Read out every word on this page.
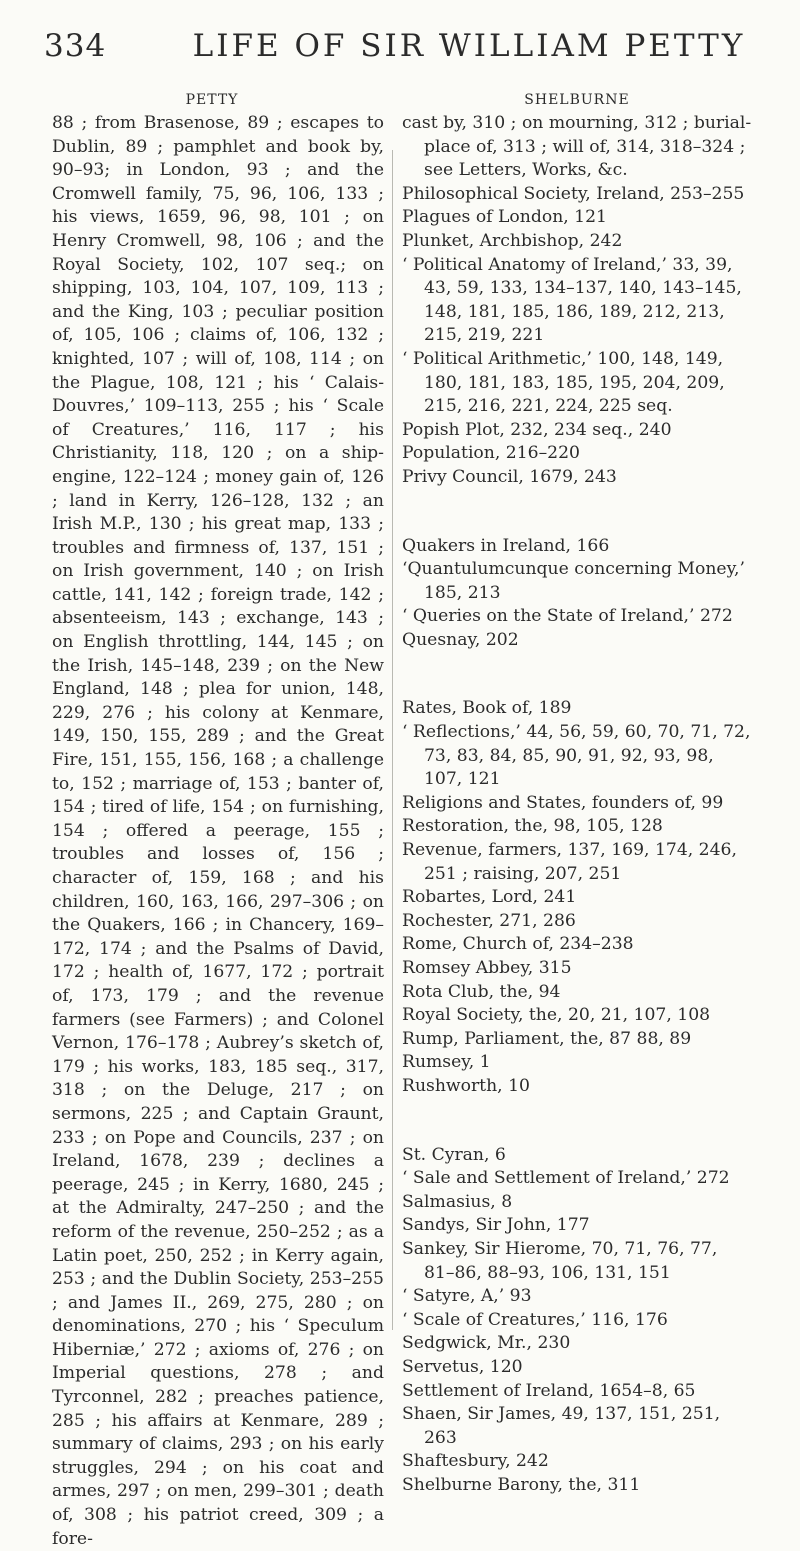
334	LIFE OF SIR WILLIAM PETTY
PETTY
88 ; from Brasenose, 89 ; escapes to Dublin, 89 ; pamphlet and book by, 90–93; in London, 93 ; and the Cromwell family, 75, 96, 106, 133 ; his views, 1659, 96, 98, 101 ; on Henry Cromwell, 98, 106 ; and the Royal Society, 102, 107 seq.; on shipping, 103, 104, 107, 109, 113 ; and the King, 103 ; peculiar position of, 105, 106 ; claims of, 106, 132 ; knighted, 107 ; will of, 108, 114 ; on the Plague, 108, 121 ; his ‘ Calais-Douvres,’ 109–113, 255 ; his ‘ Scale of Creatures,’ 116, 117 ; his Christianity, 118, 120 ; on a ship-engine, 122–124 ; money gain of, 126 ; land in Kerry, 126–128, 132 ; an Irish M.P., 130 ; his great map, 133 ; troubles and firmness of, 137, 151 ; on Irish government, 140 ; on Irish cattle, 141, 142 ; foreign trade, 142 ; absenteeism, 143 ; exchange, 143 ; on English throttling, 144, 145 ; on the Irish, 145–148, 239 ; on the New England, 148 ; plea for union, 148, 229, 276 ; his colony at Kenmare, 149, 150, 155, 289 ; and the Great Fire, 151, 155, 156, 168 ; a challenge to, 152 ; marriage of, 153 ; banter of, 154 ; tired of life, 154 ; on furnishing, 154 ; offered a peerage, 155 ; troubles and losses of, 156 ; character of, 159, 168 ; and his children, 160, 163, 166, 297–306 ; on the Quakers, 166 ; in Chancery, 169–172, 174 ; and the Psalms of David, 172 ; health of, 1677, 172 ; portrait of, 173, 179 ; and the revenue farmers (see Farmers) ; and Colonel Vernon, 176–178 ; Aubrey’s sketch of, 179 ; his works, 183, 185 seq., 317, 318 ; on the Deluge, 217 ; on sermons, 225 ; and Captain Graunt, 233 ; on Pope and Councils, 237 ; on Ireland, 1678, 239 ; declines a peerage, 245 ; in Kerry, 1680, 245 ; at the Admiralty, 247–250 ; and the reform of the revenue, 250–252 ; as a Latin poet, 250, 252 ; in Kerry again, 253 ; and the Dublin Society, 253–255 ; and James II., 269, 275, 280 ; on denominations, 270 ; his ‘ Speculum Hiberniæ,’ 272 ; axioms of, 276 ; on Imperial questions, 278 ; and Tyrconnel, 282 ; preaches patience, 285 ; his affairs at Kenmare, 289 ; summary of claims, 293 ; on his early struggles, 294 ; on his coat and armes, 297 ; on men, 299–301 ; death of, 308 ; his patriot creed, 309 ; a fore-
SHELBURNE
cast by, 310 ; on mourning, 312 ; burial-place of, 313 ; will of, 314, 318–324 ; see Letters, Works, &c.
Philosophical Society, Ireland, 253–255
Plagues of London, 121
Plunket, Archbishop, 242
‘ Political Anatomy of Ireland,’ 33, 39, 43, 59, 133, 134–137, 140, 143–145, 148, 181, 185, 186, 189, 212, 213, 215, 219, 221
‘ Political Arithmetic,’ 100, 148, 149, 180, 181, 183, 185, 195, 204, 209, 215, 216, 221, 224, 225 seq.
Popish Plot, 232, 234 seq., 240
Population, 216–220
Privy Council, 1679, 243
Quakers in Ireland, 166
‘Quantulumcunque concerning Money,’ 185, 213
‘ Queries on the State of Ireland,’ 272
Quesnay, 202
Rates, Book of, 189
‘ Reflections,’ 44, 56, 59, 60, 70, 71, 72, 73, 83, 84, 85, 90, 91, 92, 93, 98, 107, 121
Religions and States, founders of, 99
Restoration, the, 98, 105, 128
Revenue, farmers, 137, 169, 174, 246, 251 ; raising, 207, 251
Robartes, Lord, 241
Rochester, 271, 286
Rome, Church of, 234–238
Romsey Abbey, 315
Rota Club, the, 94
Royal Society, the, 20, 21, 107, 108
Rump, Parliament, the, 87 88, 89
Rumsey, 1
Rushworth, 10
St. Cyran, 6
‘ Sale and Settlement of Ireland,’ 272
Salmasius, 8
Sandys, Sir John, 177
Sankey, Sir Hierome, 70, 71, 76, 77, 81–86, 88–93, 106, 131, 151
‘ Satyre, A,’ 93
‘ Scale of Creatures,’ 116, 176
Sedgwick, Mr., 230
Servetus, 120
Settlement of Ireland, 1654–8, 65
Shaen, Sir James, 49, 137, 151, 251, 263
Shaftesbury, 242
Shelburne Barony, the, 311
